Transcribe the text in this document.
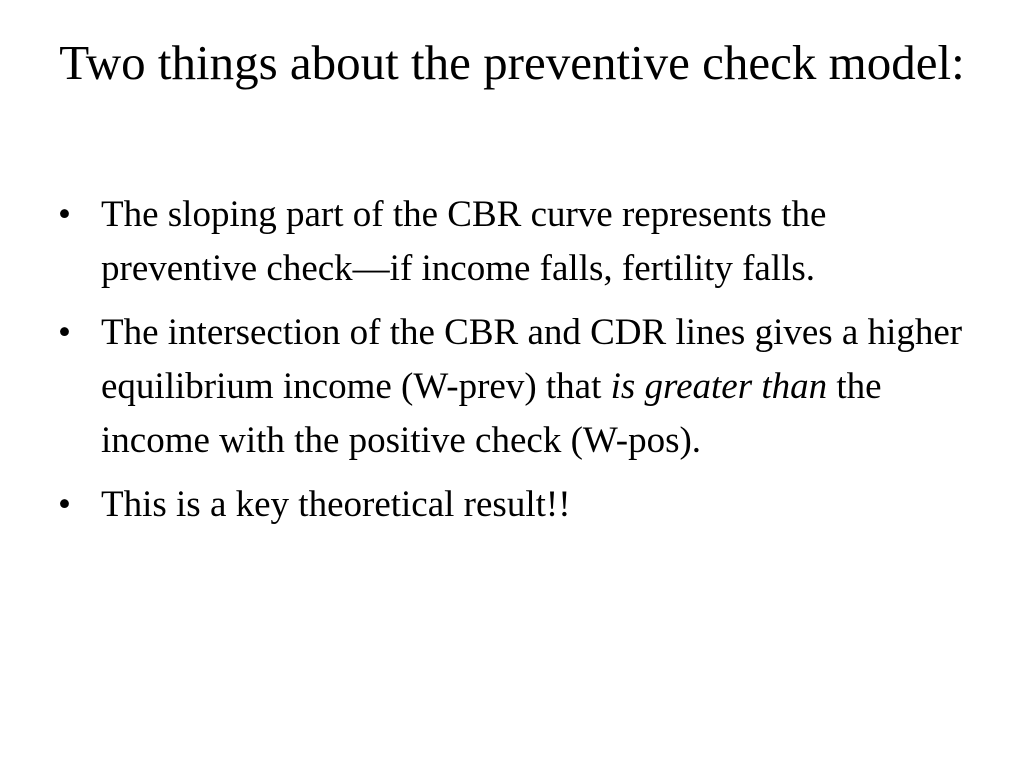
Two things about the preventive check model:
• The sloping part of the CBR curve represents the preventive check—if income falls, fertility falls.
• The intersection of the CBR and CDR lines gives a higher equilibrium income (W-prev) that is greater than the income with the positive check (W-pos).
• This is a key theoretical result!!
